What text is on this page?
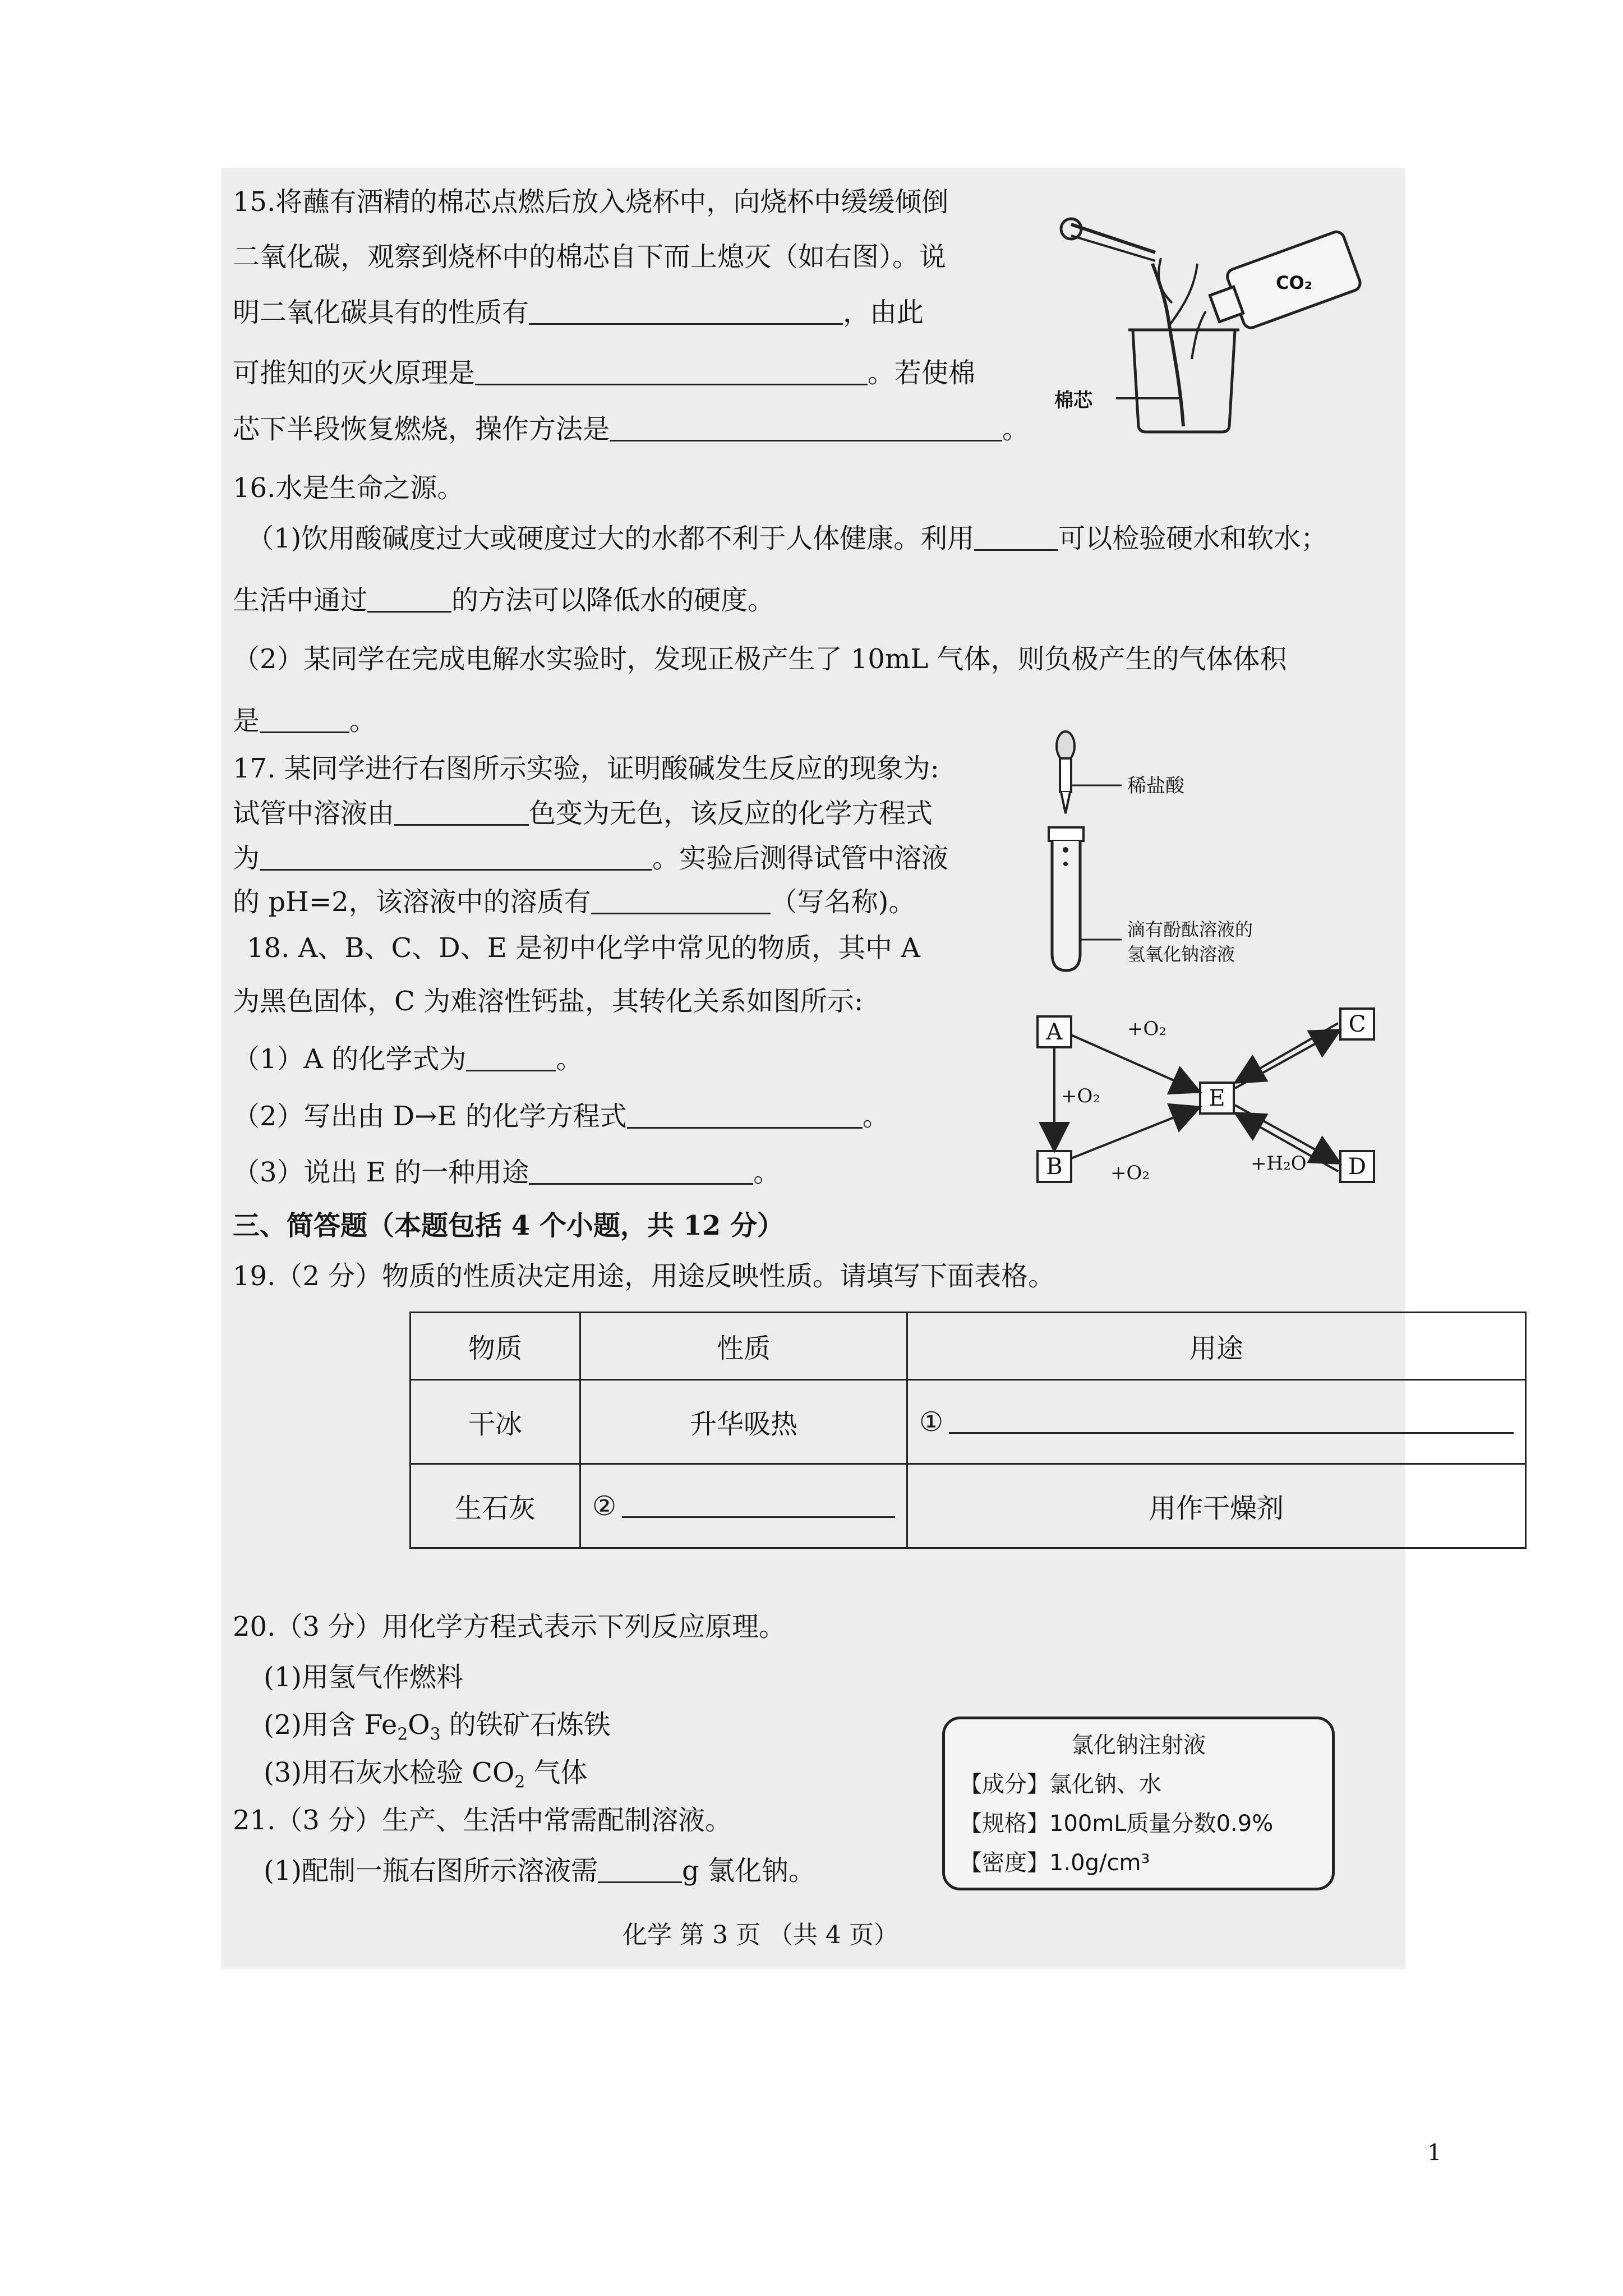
15.将蘸有酒精的棉芯点燃后放入烧杯中，向烧杯中缓缓倾倒
二氧化碳，观察到烧杯中的棉芯自下而上熄灭（如右图）。说
明二氧化碳具有的性质有	，由此
可推知的灭火原理是	。若使棉
芯下半段恢复燃烧，操作方法是	。
CO₂
棉芯
16.水是生命之源。
（1)饮用酸碱度过大或硬度过大的水都不利于人体健康。利用	可以检验硬水和软水；
生活中通过	的方法可以降低水的硬度。
（2）某同学在完成电解水实验时，发现正极产生了 10mL 气体，则负极产生的气体体积
是	。
17. 某同学进行右图所示实验，证明酸碱发生反应的现象为:
试管中溶液由	色变为无色，该反应的化学方程式
为	。实验后测得试管中溶液
的 pH=2，该溶液中的溶质有	（写名称)。
稀盐酸
滴有酚酞溶液的
氢氧化钠溶液
18. A、B、C、D、E 是初中化学中常见的物质，其中 A
为黑色固体，C 为难溶性钙盐，其转化关系如图所示:
（1）A 的化学式为	。
（2）写出由 D→E 的化学方程式	。
（3）说出 E 的一种用途	。
A
B
E
C
D
+O₂
+O₂
+O₂	+H₂O
三、简答题（本题包括 4 个小题，共 12 分）
19.（2 分）物质的性质决定用途，用途反映性质。请填写下面表格。
物质	性质	用途
干冰	升华吸热	①

生石灰	②	用作干燥剂
20.（3 分）用化学方程式表示下列反应原理。
(1)用氢气作燃料
(2)用含 $Fe_2O_3$ 的铁矿石炼铁
(3)用石灰水检验 $CO_2$ 气体
21.（3 分）生产、生活中常需配制溶液。
(1)配制一瓶右图所示溶液需	g 氯化钠。
氯化钠注射液
【成分】氯化钠、水
【规格】100mL质量分数0.9%
【密度】1.0g/cm³
化学 第 3 页 （共 4 页）
1
